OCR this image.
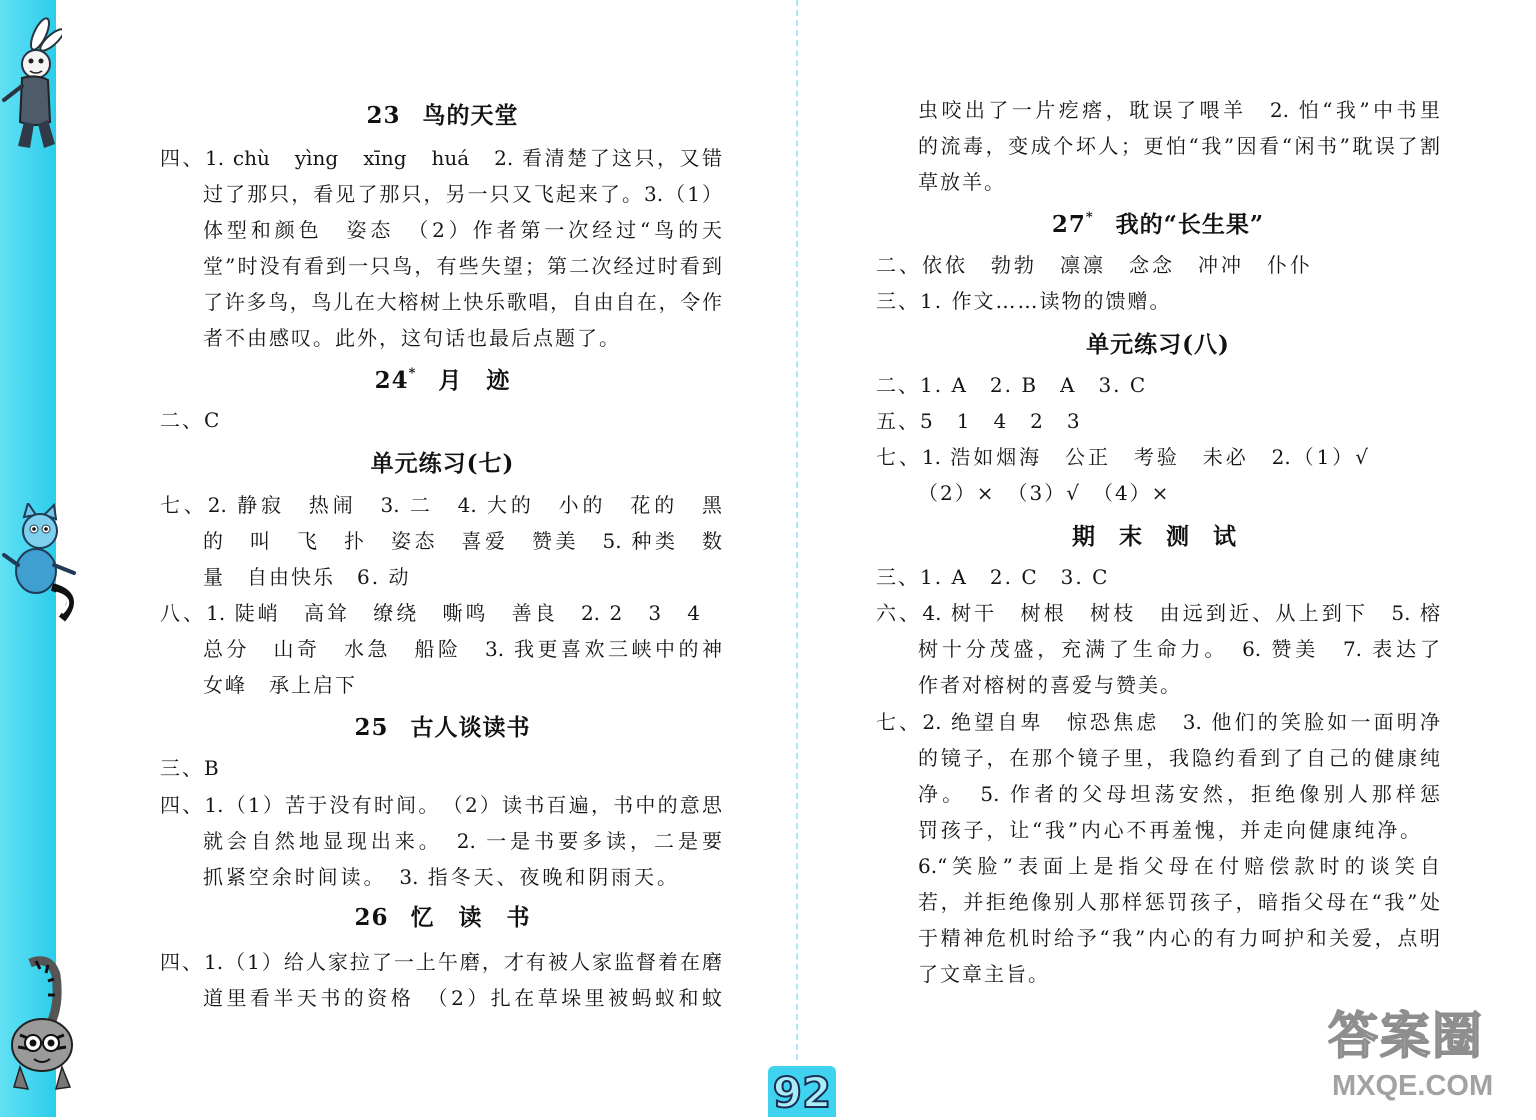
23 鸟的天堂
四、1. chù　yìng　xīng　huá　2. 看清楚了这只，又错
过了那只，看见了那只，另一只又飞起来了。3.（1）
体型和颜色　姿态　（2）作者第一次经过“鸟的天
堂”时没有看到一只鸟，有些失望；第二次经过时看到
了许多鸟，鸟儿在大榕树上快乐歌唱，自由自在，令作
者不由感叹。此外，这句话也最后点题了。
24* 月　迹
二、C
单元练习(七)
七、2. 静寂　热闹　3. 二　4. 大的　小的　花的　黑
的　叫　飞　扑　姿态　喜爱　赞美　5. 种类　数
量　自由快乐　6. 动
八、1. 陡峭　高耸　缭绕　嘶鸣　善良　2. 2　3　4
总分　山奇　水急　船险　3. 我更喜欢三峡中的神
女峰　承上启下
25 古人谈读书
三、B
四、1.（1）苦于没有时间。　（2）读书百遍，书中的意思
就会自然地显现出来。　2. 一是书要多读，二是要
抓紧空余时间读。　3. 指冬天、夜晚和阴雨天。
26 忆　读　书
四、1.（1）给人家拉了一上午磨，才有被人家监督着在磨
道里看半天书的资格　（2）扎在草垛里被蚂蚁和蚊
虫咬出了一片疙瘩，耽误了喂羊　2. 怕“我”中书里
的流毒，变成个坏人；更怕“我”因看“闲书”耽误了割
草放羊。
27* 我的“长生果”
二、依依　勃勃　凛凛　念念　冲冲　仆仆
三、1. 作文……读物的馈赠。
单元练习(八)
二、1. A　2. B　A　3. C
五、5　1　4　2　3
七、1. 浩如烟海　公正　考验　未必　2.（1）√
（2）×　（3）√　（4）×
期 末 测 试
三、1. A　2. C　3. C
六、4. 树干　树根　树枝　由远到近、从上到下　5. 榕
树十分茂盛，充满了生命力。　6. 赞美　7. 表达了
作者对榕树的喜爱与赞美。
七、2. 绝望自卑　惊恐焦虑　3. 他们的笑脸如一面明净
的镜子，在那个镜子里，我隐约看到了自己的健康纯
净。　5. 作者的父母坦荡安然，拒绝像别人那样惩
罚孩子，让“我”内心不再羞愧，并走向健康纯净。
6.“笑脸”表面上是指父母在付赔偿款时的谈笑自
若，并拒绝像别人那样惩罚孩子，暗指父母在“我”处
于精神危机时给予“我”内心的有力呵护和关爱，点明
了文章主旨。
92
答案圈
MXQE.COM
